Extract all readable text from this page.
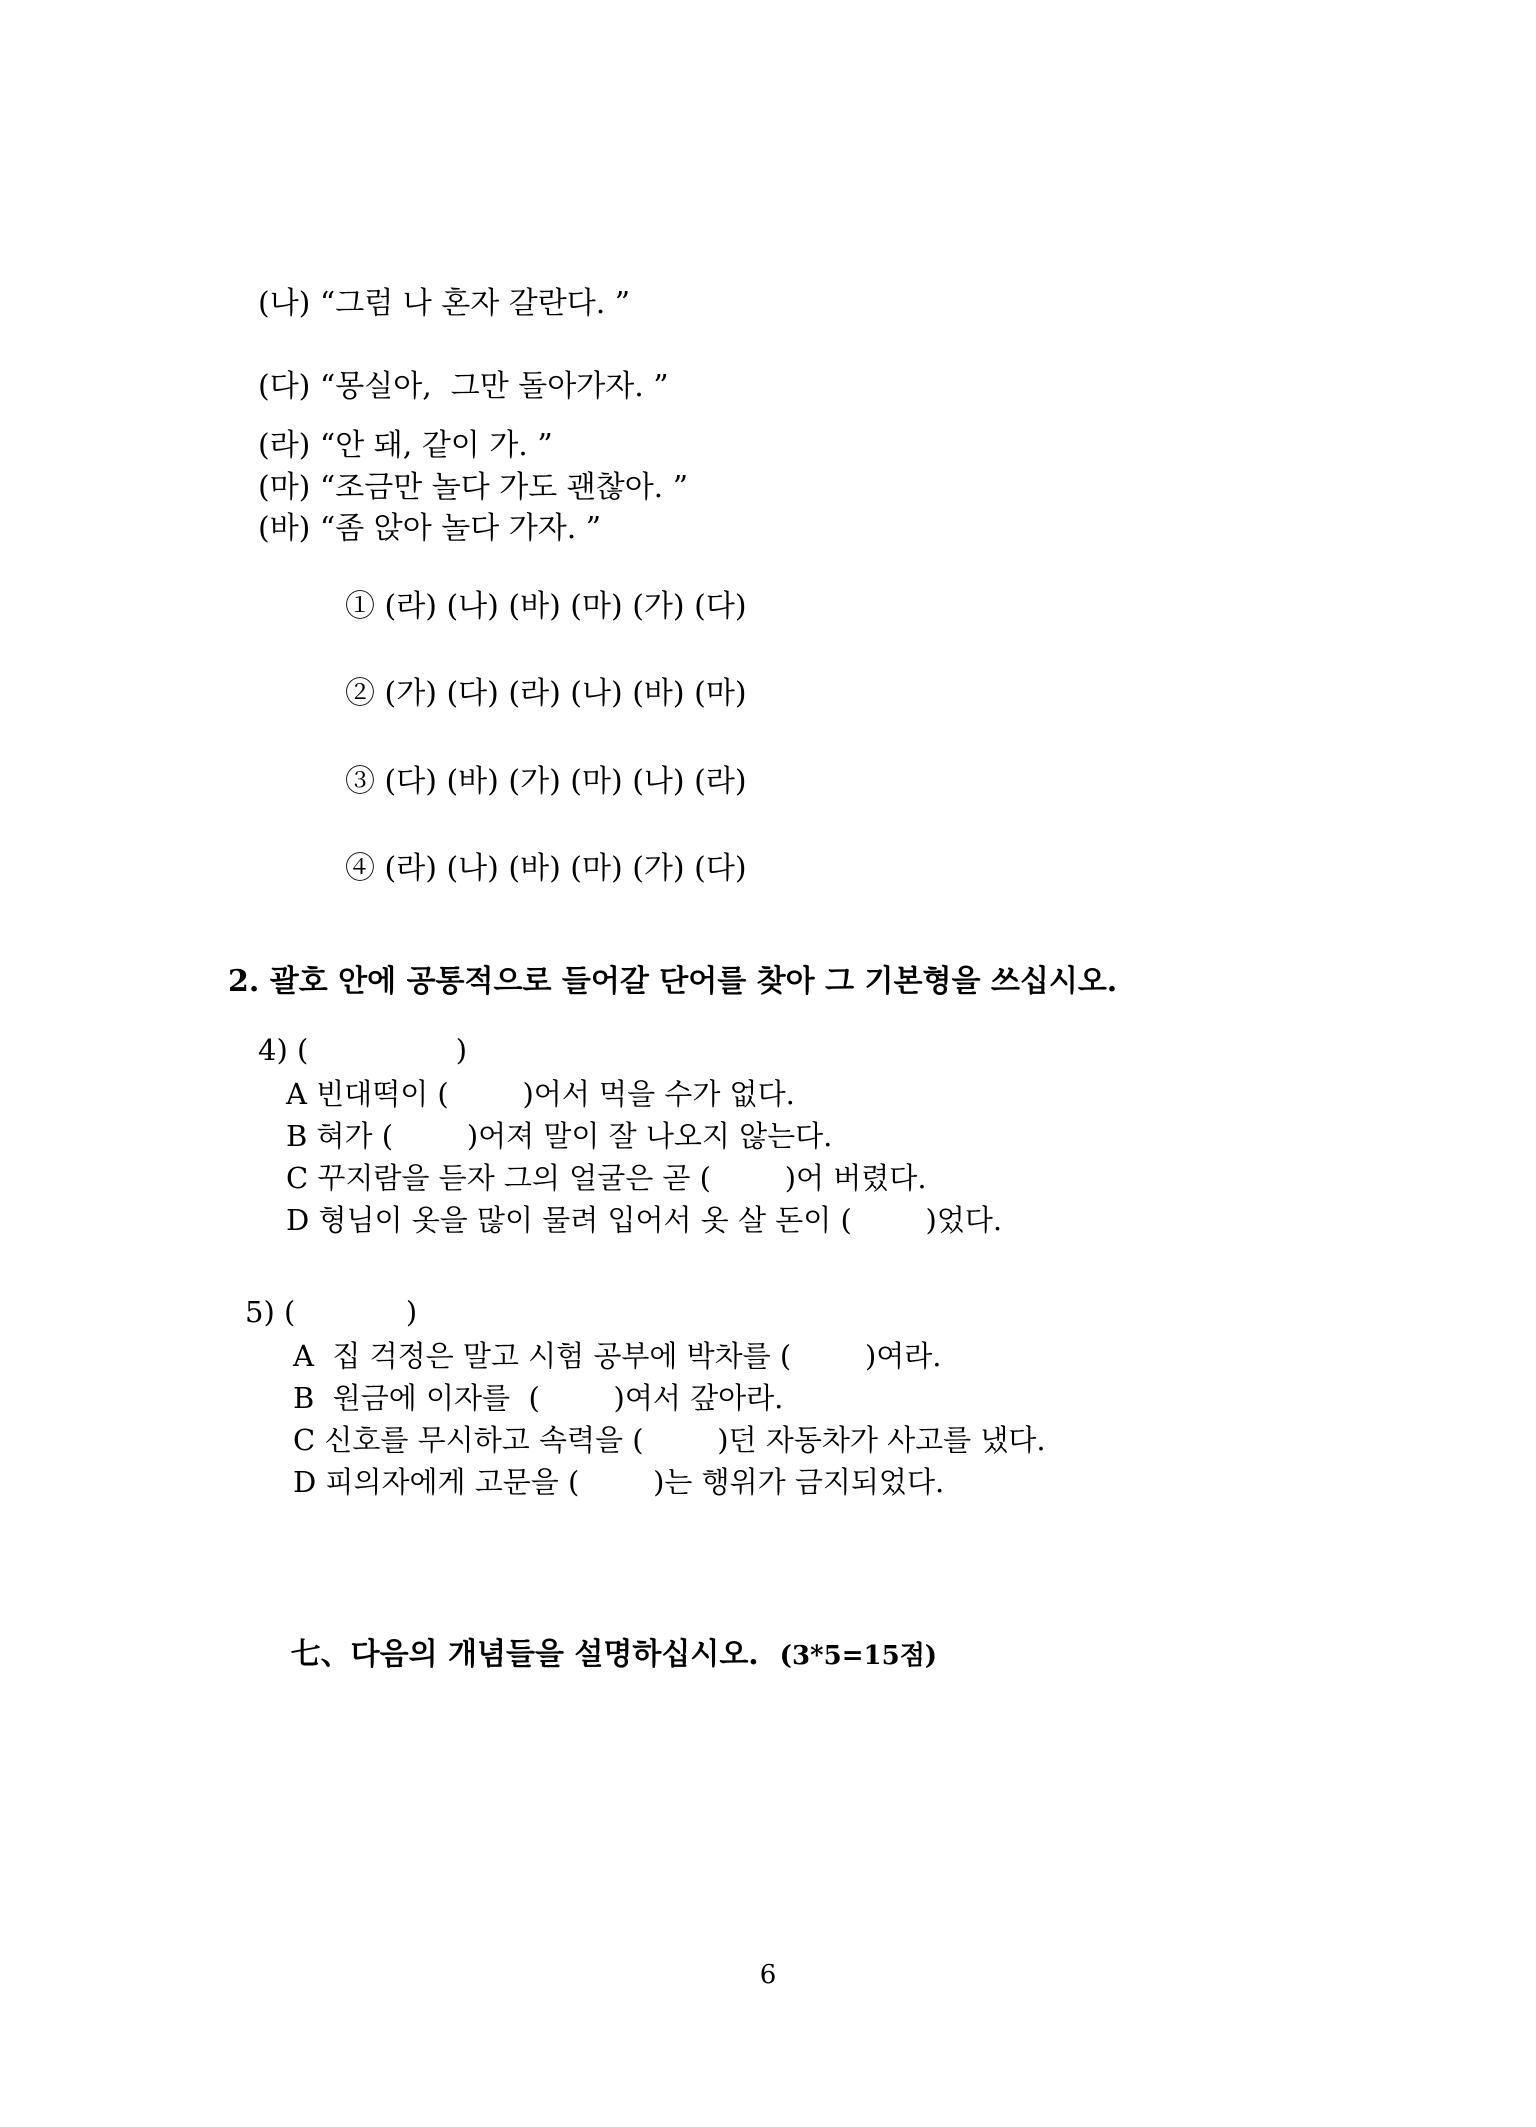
(나) “그럼 나 혼자 갈란다. ”
(다) “몽실아,  그만 돌아가자. ”
(라) “안 돼, 같이 가. ”
(마) “조금만 놀다 가도 괜찮아. ”
(바) “좀 앉아 놀다 가자. ”
① (라) (나) (바) (마) (가) (다)
② (가) (다) (라) (나) (바) (마)
③ (다) (바) (가) (마) (나) (라)
④ (라) (나) (바) (마) (가) (다)
2. 괄호 안에 공통적으로 들어갈 단어를 찾아 그 기본형을 쓰십시오.
4) (                )
A 빈대떡이 (        )어서 먹을 수가 없다.
B 혀가 (        )어져 말이 잘 나오지 않는다.
C 꾸지람을 듣자 그의 얼굴은 곧 (        )어 버렸다.
D 형님이 옷을 많이 물려 입어서 옷 살 돈이 (        )었다.
5) (            )
A  집 걱정은 말고 시험 공부에 박차를 (        )여라.
B  원금에 이자를  (        )여서 갚아라.
C 신호를 무시하고 속력을 (        )던 자동차가 사고를 냈다.
D 피의자에게 고문을 (        )는 행위가 금지되었다.

七、다음의 개념들을 설명하십시오. (3*5=15점)

6
